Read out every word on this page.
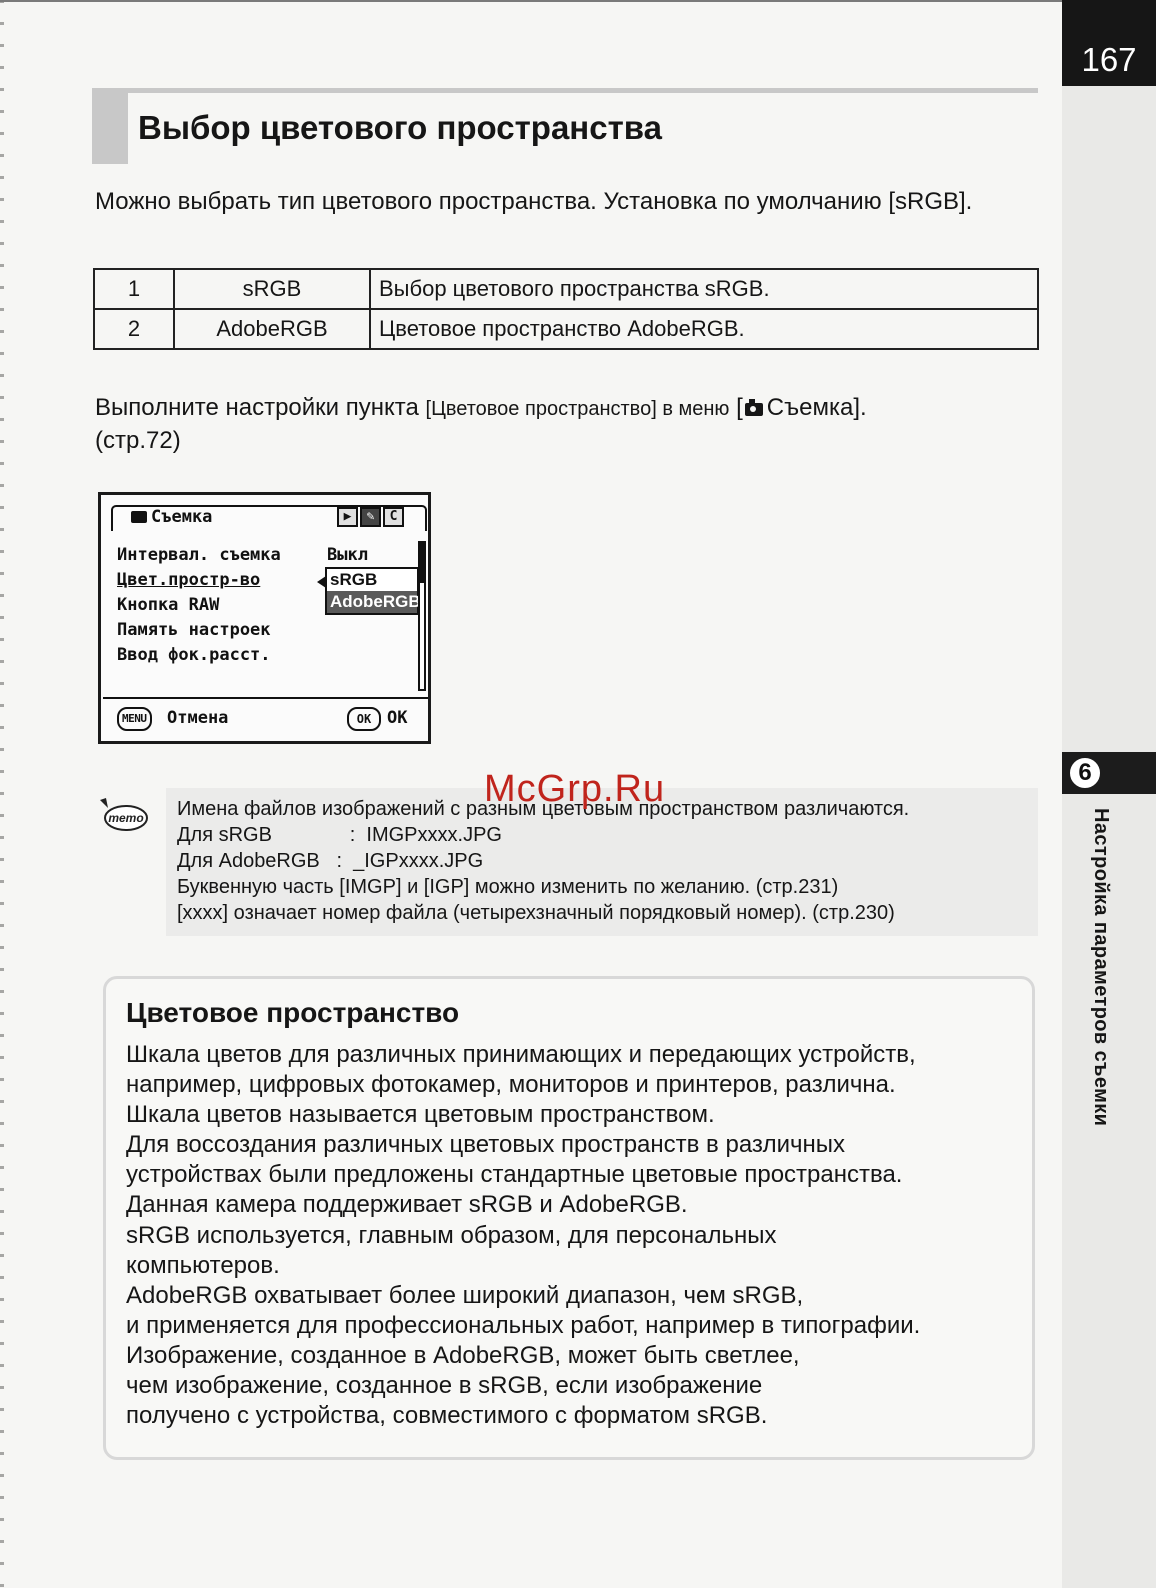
167
6
Настройка параметров съемки
Выбор цветового пространства

Можно выбрать тип цветового пространства. Установка по умолчанию [sRGB].

1	sRGB	Выбор цветового пространства sRGB.
2	AdobeRGB	Цветовое пространство AdobeRGB.

Выполните настройки пункта [Цветовое пространство] в меню [ Съемка].
(стр.72)

Съемка	▶	✎	C
Интервал. съемка
Цвет.простр-во
Кнопка RAW
Память настроек
Ввод фок.расст.
Выкл
sRGB
AdobeRGB
MENU Отмена	OK OK
memo Имена файлов изображений с разным цветовым пространством различаются.
Для sRGB              :  IMGPxxxx.JPG
Для AdobeRGB   :  _IGPxxxx.JPG
Буквенную часть [IMGP] и [IGP] можно изменить по желанию. (стр.231)
[xxxx] означает номер файла (четырехзначный порядковый номер). (стр.230)
McGrp.Ru
Цветовое пространство
Шкала цветов для различных принимающих и передающих устройств,
например, цифровых фотокамер, мониторов и принтеров, различна.
Шкала цветов называется цветовым пространством.
Для воссоздания различных цветовых пространств в различных
устройствах были предложены стандартные цветовые пространства.
Данная камера поддерживает sRGB и AdobeRGB.
sRGB используется, главным образом, для персональных
компьютеров.
AdobeRGB охватывает более широкий диапазон, чем sRGB,
и применяется для профессиональных работ, например в типографии.
Изображение, созданное в AdobeRGB, может быть светлее,
чем изображение, созданное в sRGB, если изображение
получено с устройства, совместимого с форматом sRGB.
